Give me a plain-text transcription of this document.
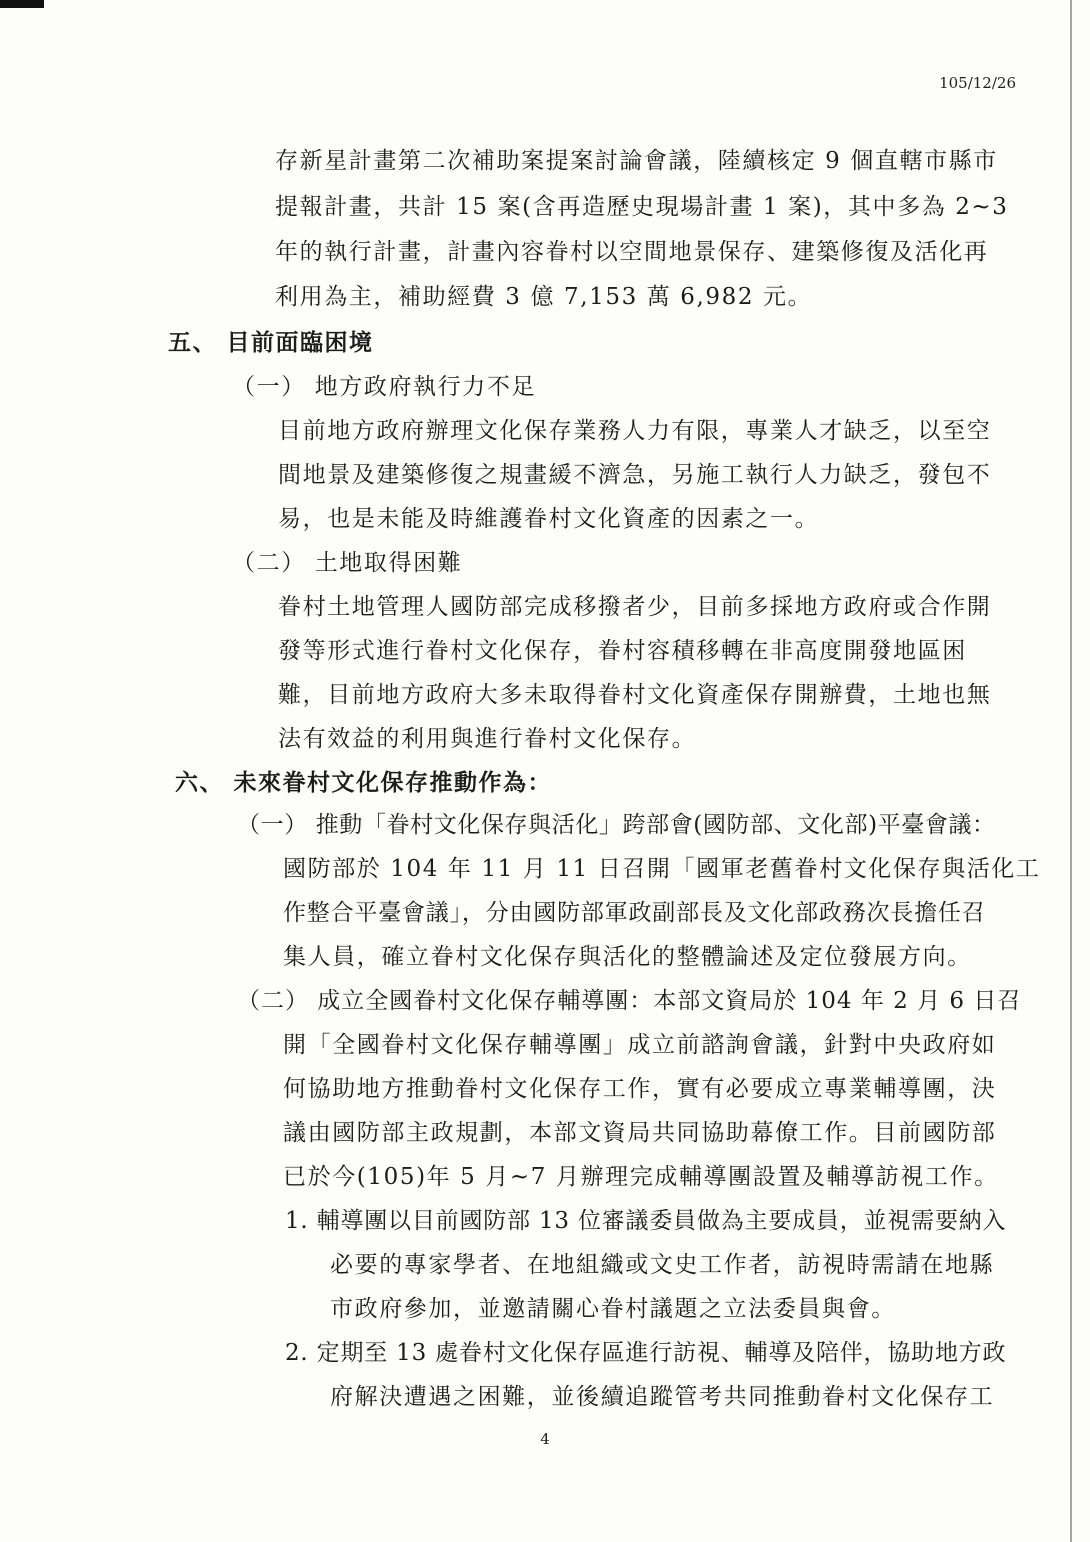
105/12/26
存新星計畫第二次補助案提案討論會議，陸續核定 9 個直轄市縣市
提報計畫，共計 15 案(含再造歷史現場計畫 1 案)，其中多為 2~3
年的執行計畫，計畫內容眷村以空間地景保存、建築修復及活化再
利用為主，補助經費 3 億 7,153 萬 6,982 元。
五、 目前面臨困境
（一） 地方政府執行力不足
目前地方政府辦理文化保存業務人力有限，專業人才缺乏，以至空
間地景及建築修復之規畫緩不濟急，另施工執行人力缺乏，發包不
易，也是未能及時維護眷村文化資產的因素之一。
（二） 土地取得困難
眷村土地管理人國防部完成移撥者少，目前多採地方政府或合作開
發等形式進行眷村文化保存，眷村容積移轉在非高度開發地區困
難，目前地方政府大多未取得眷村文化資產保存開辦費，土地也無
法有效益的利用與進行眷村文化保存。
六、 未來眷村文化保存推動作為：
（一） 推動「眷村文化保存與活化」跨部會(國防部、文化部)平臺會議：
國防部於 104 年 11 月 11 日召開「國軍老舊眷村文化保存與活化工
作整合平臺會議」，分由國防部軍政副部長及文化部政務次長擔任召
集人員，確立眷村文化保存與活化的整體論述及定位發展方向。
（二） 成立全國眷村文化保存輔導團：本部文資局於 104 年 2 月 6 日召
開「全國眷村文化保存輔導團」成立前諮詢會議，針對中央政府如
何協助地方推動眷村文化保存工作，實有必要成立專業輔導團，決
議由國防部主政規劃，本部文資局共同協助幕僚工作。目前國防部
已於今(105)年 5 月~7 月辦理完成輔導團設置及輔導訪視工作。
1. 輔導團以目前國防部 13 位審議委員做為主要成員，並視需要納入
必要的專家學者、在地組織或文史工作者，訪視時需請在地縣
市政府參加，並邀請關心眷村議題之立法委員與會。
2. 定期至 13 處眷村文化保存區進行訪視、輔導及陪伴，協助地方政
府解決遭遇之困難，並後續追蹤管考共同推動眷村文化保存工
4
